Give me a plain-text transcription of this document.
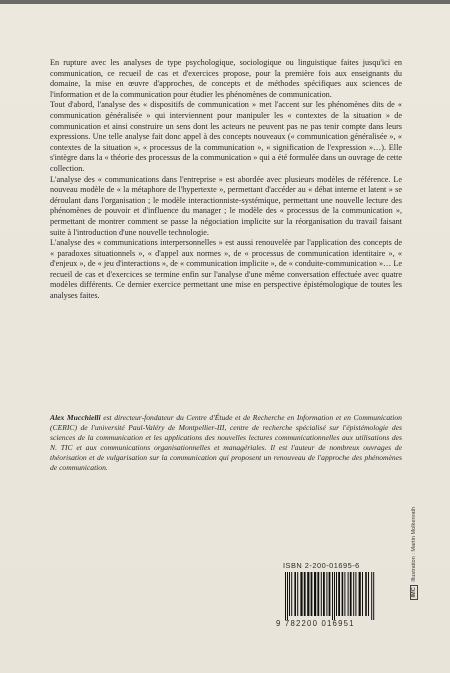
En rupture avec les analyses de type psychologique, sociologique ou linguistique faites jusqu'ici en communication, ce recueil de cas et d'exercices propose, pour la première fois aux enseignants du domaine, la mise en œuvre d'approches, de concepts et de méthodes spécifiques aux sciences de l'information et de la communication pour étudier les phénomènes de communication.

Tout d'abord, l'analyse des « dispositifs de communication » met l'accent sur les phénomènes dits de « communication généralisée » qui interviennent pour manipuler les « contextes de la situation » de communication et ainsi construire un sens dont les acteurs ne peuvent pas ne pas tenir compte dans leurs expressions. Une telle analyse fait donc appel à des concepts nouveaux (« communication généralisée », « contextes de la situation », « processus de la communication », « signification de l'expression »…). Elle s'intègre dans la « théorie des processus de la communication » qui a été formulée dans un ouvrage de cette collection.

L'analyse des « communications dans l'entreprise » est abordée avec plusieurs modèles de référence. Le nouveau modèle de « la métaphore de l'hypertexte », permettant d'accéder au « débat interne et latent » se déroulant dans l'organisation ; le modèle interactionniste-systémique, permettant une nouvelle lecture des phénomènes de pouvoir et d'influence du manager ; le modèle des « processus de la communication », permettant de montrer comment se passe la négociation implicite sur la réorganisation du travail faisant suite à l'introduction d'une nouvelle technologie.

L'analyse des « communications interpersonnelles » est aussi renouvelée par l'application des concepts de « paradoxes situationnels », « d'appel aux normes », de « processus de communication identitaire », « d'enjeux », de « jeu d'interactions », de « communication implicite », de « conduite-communication »… Le recueil de cas et d'exercices se termine enfin sur l'analyse d'une même conversation effectuée avec quatre modèles différents. Ce dernier exercice permettant une mise en perspective épistémologique de toutes les analyses faites.

Alex Mucchielli est directeur-fondateur du Centre d'Étude et de Recherche en Information et en Communication (CERIC) de l'université Paul-Valéry de Montpellier-III, centre de recherche spécialisé sur l'épistémologie des sciences de la communication et les applications des nouvelles lectures communicationnelles aux utilisations des N. TIC et aux communications organisationnelles et managériales. Il est l'auteur de nombreux ouvrages de théorisation et de vulgarisation sur la communication qui proposent un renouveau de l'approche des phénomènes de communication.

ISBN 2-200-01695-6
9 782200 016951
IMCIllustration : Martin Molkenrath
